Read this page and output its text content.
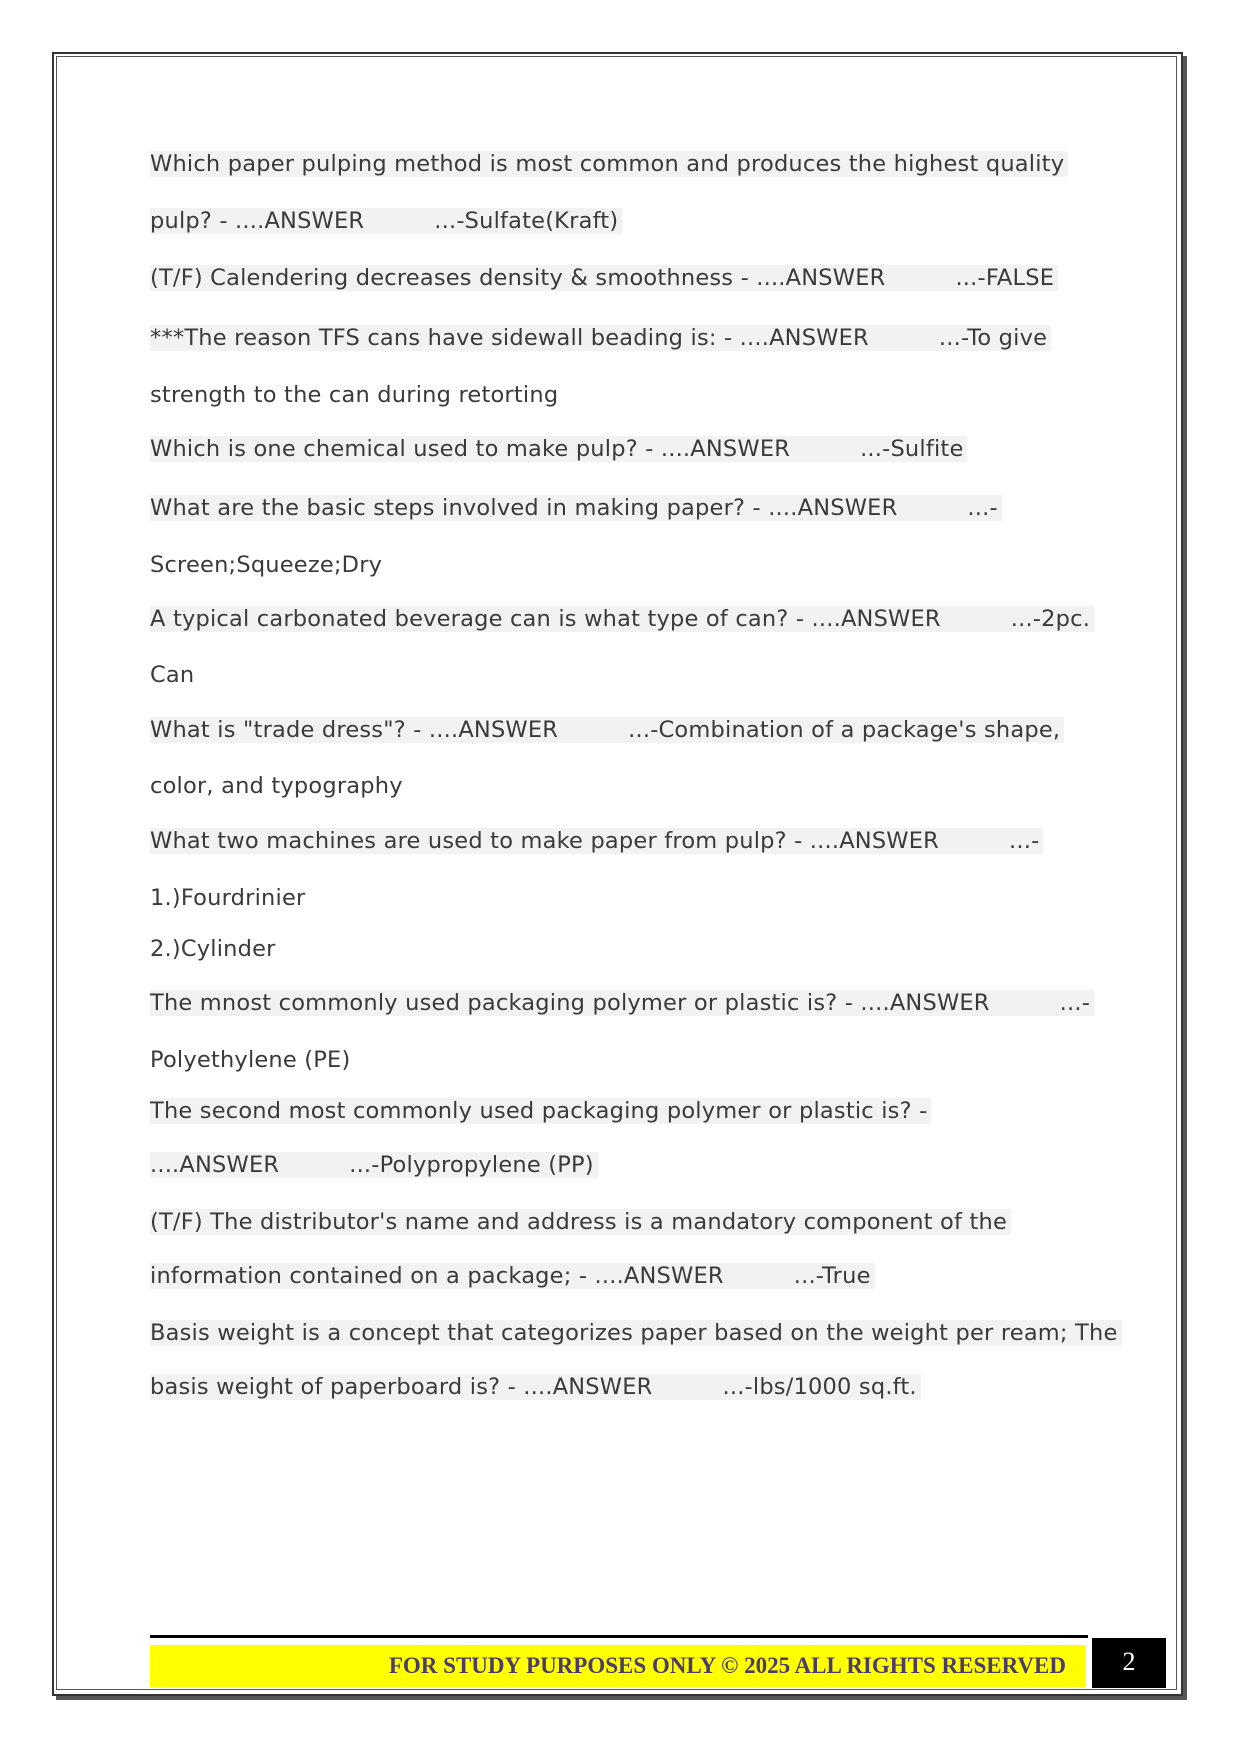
Which paper pulping method is most common and produces the highest quality
pulp? - ....ANSWER	...-Sulfate(Kraft)
(T/F) Calendering decreases density & smoothness - ....ANSWER	...-FALSE
***The reason TFS cans have sidewall beading is: - ....ANSWER	...-To give
strength to the can during retorting
Which is one chemical used to make pulp? - ....ANSWER	...-Sulfite
What are the basic steps involved in making paper? - ....ANSWER	...-
Screen;Squeeze;Dry
A typical carbonated beverage can is what type of can? - ....ANSWER	...-2pc.
Can
What is "trade dress"? - ....ANSWER	...-Combination of a package's shape,
color, and typography
What two machines are used to make paper from pulp? - ....ANSWER	...-
1.)Fourdrinier
2.)Cylinder
The mnost commonly used packaging polymer or plastic is? - ....ANSWER	...-
Polyethylene (PE)
The second most commonly used packaging polymer or plastic is? -
....ANSWER	...-Polypropylene (PP)
(T/F) The distributor's name and address is a mandatory component of the
information contained on a package; - ....ANSWER	...-True
Basis weight is a concept that categorizes paper based on the weight per ream; The
basis weight of paperboard is? - ....ANSWER	...-lbs/1000 sq.ft.
FOR STUDY PURPOSES ONLY © 2025 ALL RIGHTS RESERVED	2
